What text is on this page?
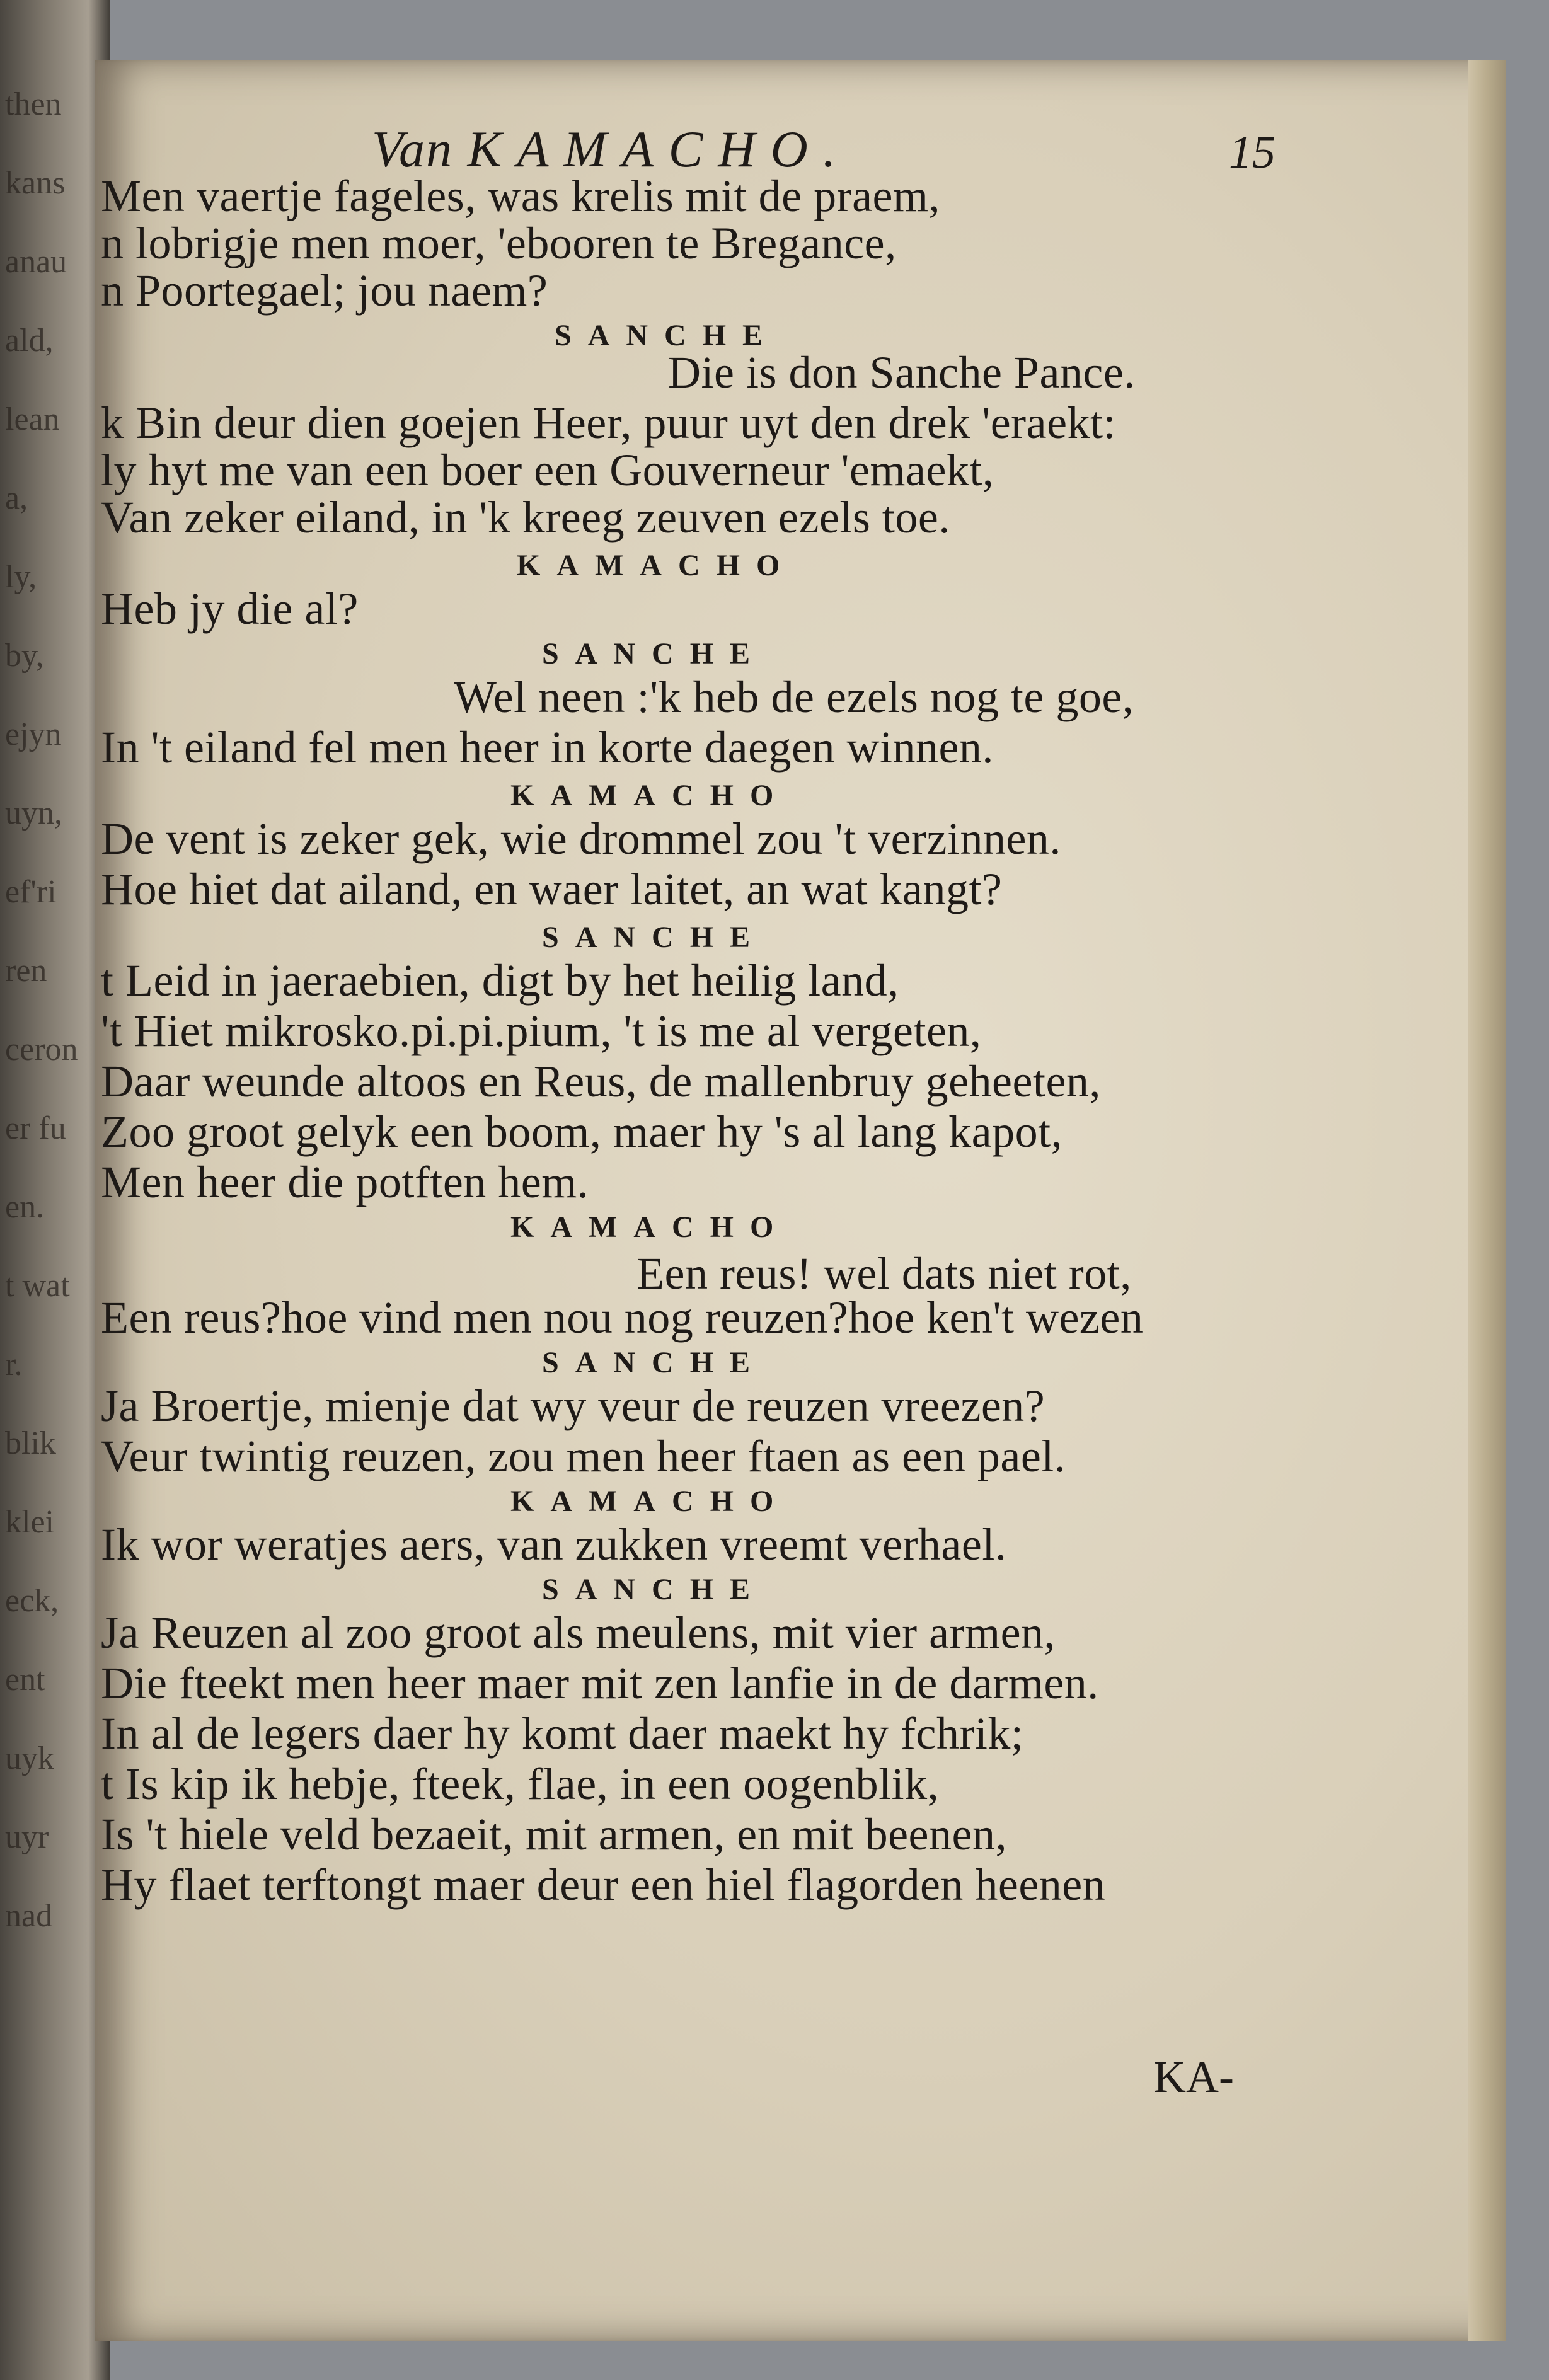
then
kans
anau
ald,
lean
a,
ly,
by,
ejyn
uyn,
ef'ri
ren
ceron
er fu
en.
t wat
r.
blik
klei
eck,
ent
uyk
uyr
nad
Van KAMACHO.	15
Men vaertje fageles, was krelis mit de praem,
n lobrigje men moer, 'ebooren te Bregance,
n Poortegael; jou naem?
SANCHE
Die is don Sanche Pance.
k Bin deur dien goejen Heer, puur uyt den drek 'eraekt:
ly hyt me van een boer een Gouverneur 'emaekt,
Van zeker eiland, in 'k kreeg zeuven ezels toe.
KAMACHO
Heb jy die al?
SANCHE
Wel neen :'k heb de ezels nog te goe,
In 't eiland fel men heer in korte daegen winnen.
KAMACHO
De vent is zeker gek, wie drommel zou 't verzinnen.
Hoe hiet dat ailand, en waer laitet, an wat kangt?
SANCHE
t Leid in jaeraebien, digt by het heilig land,
't Hiet mikrosko.pi.pi.pium, 't is me al vergeten,
Daar weunde altoos en Reus, de mallenbruy geheeten,
Zoo groot gelyk een boom, maer hy 's al lang kapot,
Men heer die potften hem.
KAMACHO
Een reus! wel dats niet rot,
Een reus?hoe vind men nou nog reuzen?hoe ken't wezen
SANCHE
Ja Broertje, mienje dat wy veur de reuzen vreezen?
Veur twintig reuzen, zou men heer ftaen as een pael.
KAMACHO
Ik wor weratjes aers, van zukken vreemt verhael.
SANCHE
Ja Reuzen al zoo groot als meulens, mit vier armen,
Die fteekt men heer maer mit zen lanfie in de darmen.
In al de legers daer hy komt daer maekt hy fchrik;
t Is kip ik hebje, fteek, flae, in een oogenblik,
Is 't hiele veld bezaeit, mit armen, en mit beenen,
Hy flaet terftongt maer deur een hiel flagorden heenen
KA-
